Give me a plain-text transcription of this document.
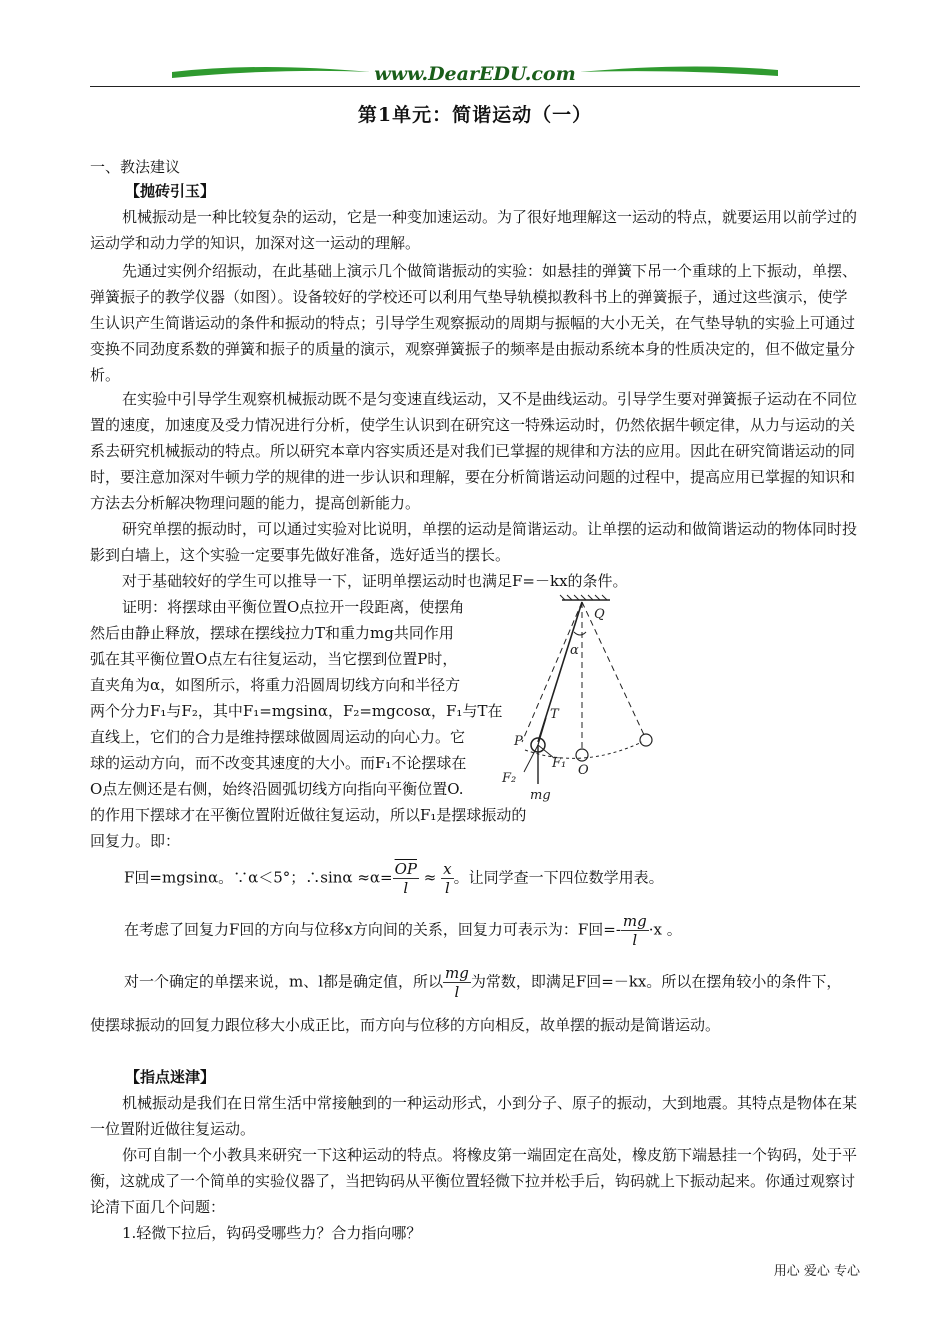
www.DearEDU.com
第1单元：简谐运动（一）
一、教法建议
【抛砖引玉】
机械振动是一种比较复杂的运动，它是一种变加速运动。为了很好地理解这一运动的特点，就要运用以前学过的运动学和动力学的知识，加深对这一运动的理解。
先通过实例介绍振动，在此基础上演示几个做简谐振动的实验：如悬挂的弹簧下吊一个重球的上下振动，单摆、弹簧振子的教学仪器（如图）。设备较好的学校还可以利用气垫导轨模拟教科书上的弹簧振子，通过这些演示，使学生认识产生简谐运动的条件和振动的特点；引导学生观察振动的周期与振幅的大小无关，在气垫导轨的实验上可通过变换不同劲度系数的弹簧和振子的质量的演示，观察弹簧振子的频率是由振动系统本身的性质决定的，但不做定量分析。
在实验中引导学生观察机械振动既不是匀变速直线运动，又不是曲线运动。引导学生要对弹簧振子运动在不同位置的速度，加速度及受力情况进行分析，使学生认识到在研究这一特殊运动时，仍然依据牛顿定律，从力与运动的关系去研究机械振动的特点。所以研究本章内容实质还是对我们已掌握的规律和方法的应用。因此在研究简谐运动的同时，要注意加深对牛顿力学的规律的进一步认识和理解，要在分析简谐运动问题的过程中，提高应用已掌握的知识和方法去分析解决物理问题的能力，提高创新能力。
研究单摆的振动时，可以通过实验对比说明，单摆的运动是简谐运动。让单摆的运动和做简谐运动的物体同时投影到白墙上，这个实验一定要事先做好准备，选好适当的摆长。
对于基础较好的学生可以推导一下，证明单摆运动时也满足F=－kx的条件。
证明：将摆球由平衡位置O点拉开一段距离，使摆角
然后由静止释放，摆球在摆线拉力T和重力mg共同作用
弧在其平衡位置O点左右往复运动，当它摆到位置P时，
直夹角为α，如图所示，将重力沿圆周切线方向和半径方
两个分力F₁与F₂，其中F₁=mgsinα，F₂=mgcosα，F₁与T在
直线上，它们的合力是维持摆球做圆周运动的向心力。它
球的运动方向，而不改变其速度的大小。而F₁不论摆球在
O点左侧还是右侧，始终沿圆弧切线方向指向平衡位置O.
的作用下摆球才在平衡位置附近做往复运动，所以F₁是摆球振动的
回复力。即：
Q
α
T
P
O
F₁
F₂
mg
F回=mgsinα。∵α＜5°；∴sinα $\approx\alpha= \frac{\overline{OP}}{l} \approx \frac{x}{l}$ 。让同学查一下四位数学用表。
在考虑了回复力F回的方向与位移x方向间的关系，回复力可表示为：F回=- $\frac{mg}{l} \cdot x$ 。
对一个确定的单摆来说，m、l都是确定值，所以 $\frac{mg}{l}$ 为常数，即满足F回=－kx。所以在摆角较小的条件下，
使摆球振动的回复力跟位移大小成正比，而方向与位移的方向相反，故单摆的振动是简谐运动。
【指点迷津】
机械振动是我们在日常生活中常接触到的一种运动形式，小到分子、原子的振动，大到地震。其特点是物体在某一位置附近做往复运动。
你可自制一个小教具来研究一下这种运动的特点。将橡皮第一端固定在高处，橡皮筋下端悬挂一个钩码，处于平衡，这就成了一个简单的实验仪器了，当把钩码从平衡位置轻微下拉并松手后，钩码就上下振动起来。你通过观察讨论清下面几个问题：
1.轻微下拉后，钩码受哪些力？合力指向哪？
用心 爱心 专心
